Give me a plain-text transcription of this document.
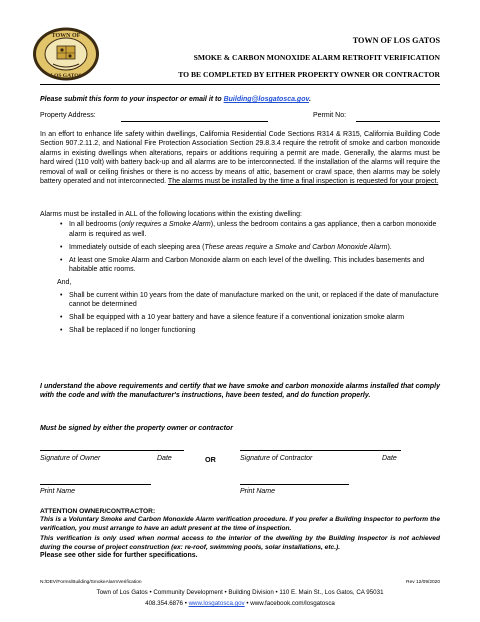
TOWN OF
LOS GATOS
TOWN OF LOS GATOS
SMOKE & CARBON MONOXIDE ALARM RETROFIT VERIFICATION
TO BE COMPLETED BY EITHER PROPERTY OWNER OR CONTRACTOR
Please submit this form to your inspector or email it to Building@losgatosca.gov.
Property Address:	Permit No:
In an effort to enhance life safety within dwellings, California Residential Code Sections R314 & R315, California Building Code Section 907.2.11.2, and National Fire Protection Association Section 29.8.3.4 require the retrofit of smoke and carbon monoxide alarms in existing dwellings when alterations, repairs or additions requiring a permit are made. Generally, the alarms must be hard wired (110 volt) with battery back-up and all alarms are to be interconnected. If the installation of the alarms will require the removal of wall or ceiling finishes or there is no access by means of attic, basement or crawl space, then alarms may be solely battery operated and not interconnected. The alarms must be installed by the time a final inspection is requested for your project.
Alarms must be installed in ALL of the following locations within the existing dwelling:
• In all bedrooms (only requires a Smoke Alarm), unless the bedroom contains a gas appliance, then a carbon monoxide alarm is required as well.
• Immediately outside of each sleeping area (These areas require a Smoke and Carbon Monoxide Alarm).
• At least one Smoke Alarm and Carbon Monoxide alarm on each level of the dwelling. This includes basements and habitable attic rooms.
And,
• Shall be current within 10 years from the date of manufacture marked on the unit, or replaced if the date of manufacture cannot be determined
• Shall be equipped with a 10 year battery and have a silence feature if a conventional ionization smoke alarm
• Shall be replaced if no longer functioning
I understand the above requirements and certify that we have smoke and carbon monoxide alarms installed that comply with the code and with the manufacturer's instructions, have been tested, and do function properly.
Must be signed by either the property owner or contractor
Signature of Owner	Date	OR	Signature of Contractor	Date
Print Name	Print Name
ATTENTION OWNER/CONTRACTOR:
This is a Voluntary Smoke and Carbon Monoxide Alarm verification procedure. If you prefer a Building Inspector to perform the verification, you must arrange to have an adult present at the time of inspection.
This verification is only used when normal access to the interior of the dwelling by the Building Inspector is not achieved during the course of project construction (ex: re-roof, swimming pools, solar installations, etc.).
Please see other side for further specifications.
N:/DEV/Forms/Building/SmokeAlarmVerification	Rev 12/09/2020
Town of Los Gatos • Community Development • Building Division • 110 E. Main St., Los Gatos, CA 95031
408.354.6876 • www.losgatosca.gov • www.facebook.com/losgatosca
